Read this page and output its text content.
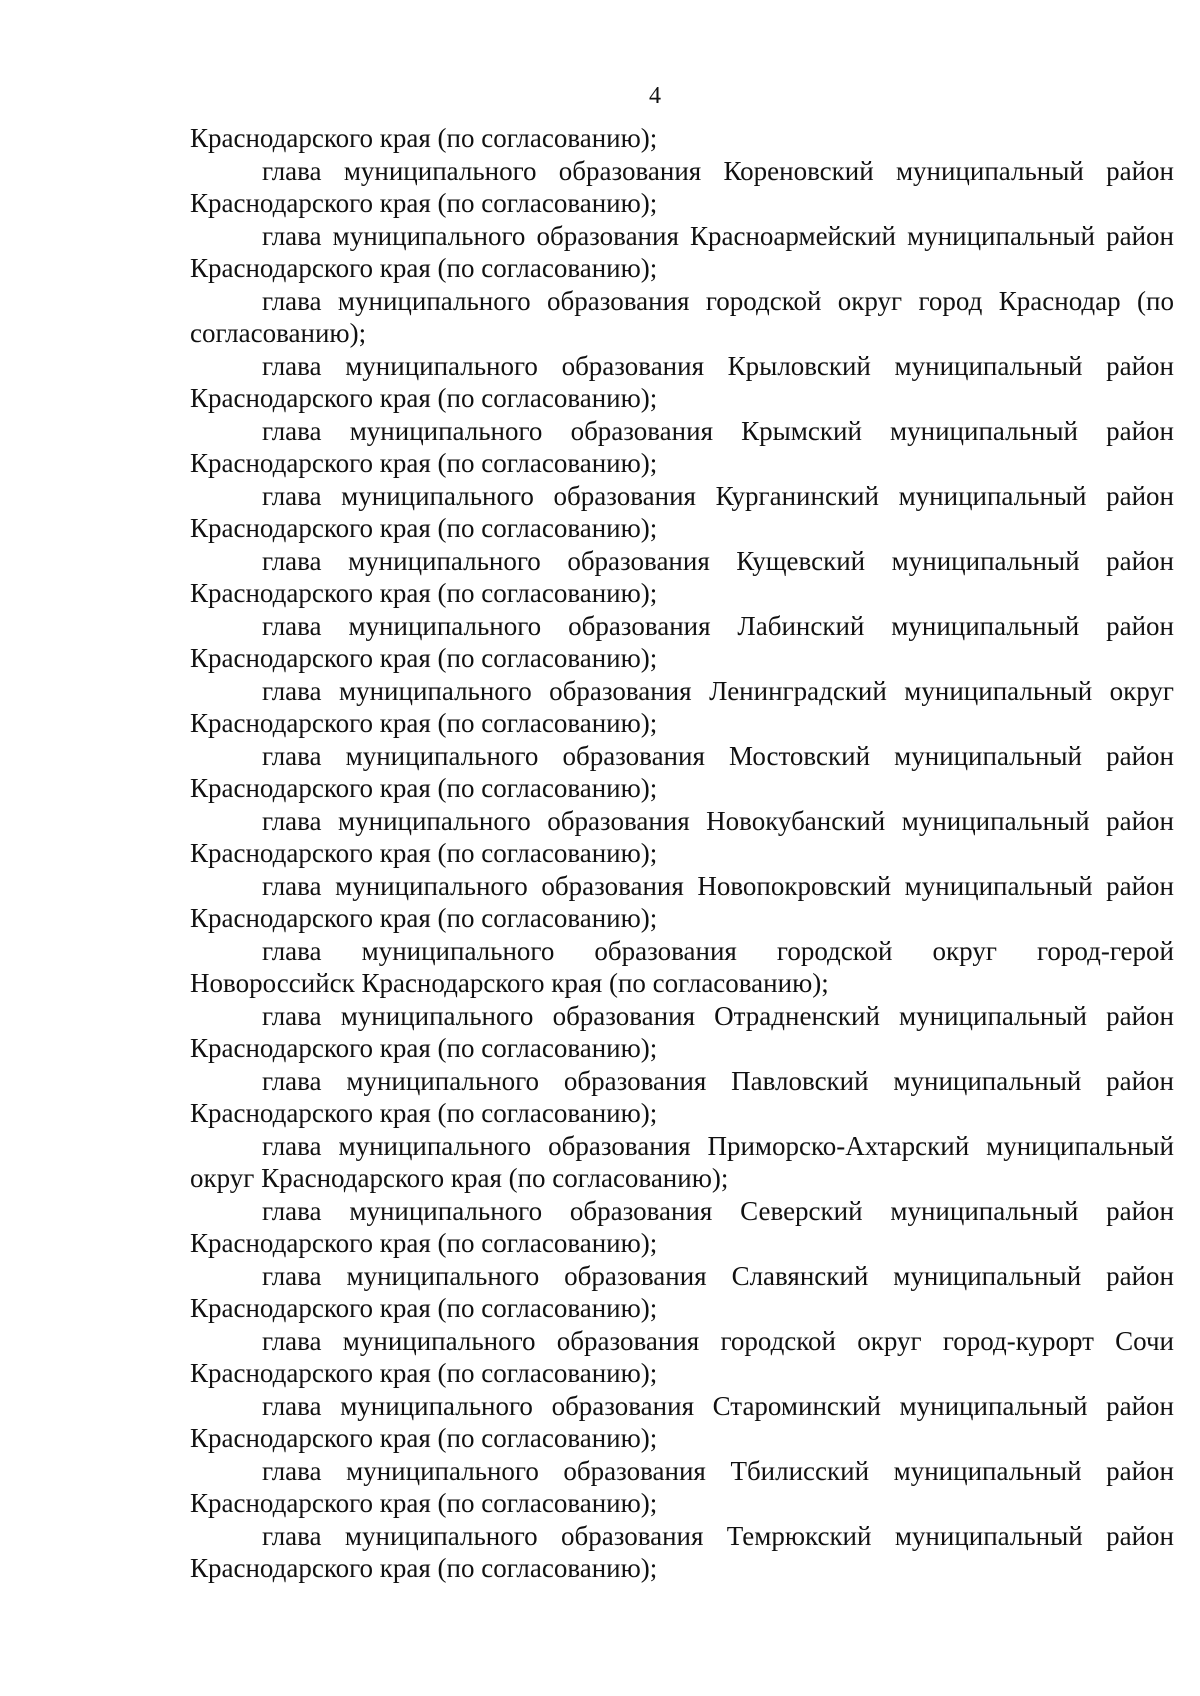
4

Краснодарского края (по согласованию);

глава муниципального образования Кореновский муниципальный район Краснодарского края (по согласованию);

глава муниципального образования Красноармейский муниципальный район Краснодарского края (по согласованию);

глава муниципального образования городской округ город Краснодар (по согласованию);

глава муниципального образования Крыловский муниципальный район Краснодарского края (по согласованию);

глава муниципального образования Крымский муниципальный район Краснодарского края (по согласованию);

глава муниципального образования Курганинский муниципальный район Краснодарского края (по согласованию);

глава муниципального образования Кущевский муниципальный район Краснодарского края (по согласованию);

глава муниципального образования Лабинский муниципальный район Краснодарского края (по согласованию);

глава муниципального образования Ленинградский муниципальный округ Краснодарского края (по согласованию);

глава муниципального образования Мостовский муниципальный район Краснодарского края (по согласованию);

глава муниципального образования Новокубанский муниципальный район Краснодарского края (по согласованию);

глава муниципального образования Новопокровский муниципальный район Краснодарского края (по согласованию);

глава муниципального образования городской округ город-герой Новороссийск Краснодарского края (по согласованию);

глава муниципального образования Отрадненский муниципальный район Краснодарского края (по согласованию);

глава муниципального образования Павловский муниципальный район Краснодарского края (по согласованию);

глава муниципального образования Приморско-Ахтарский муниципальный округ Краснодарского края (по согласованию);

глава муниципального образования Северский муниципальный район Краснодарского края (по согласованию);

глава муниципального образования Славянский муниципальный район Краснодарского края (по согласованию);

глава муниципального образования городской округ город-курорт Сочи Краснодарского края (по согласованию);

глава муниципального образования Староминский муниципальный район Краснодарского края (по согласованию);

глава муниципального образования Тбилисский муниципальный район Краснодарского края (по согласованию);

глава муниципального образования Темрюкский муниципальный район Краснодарского края (по согласованию);
